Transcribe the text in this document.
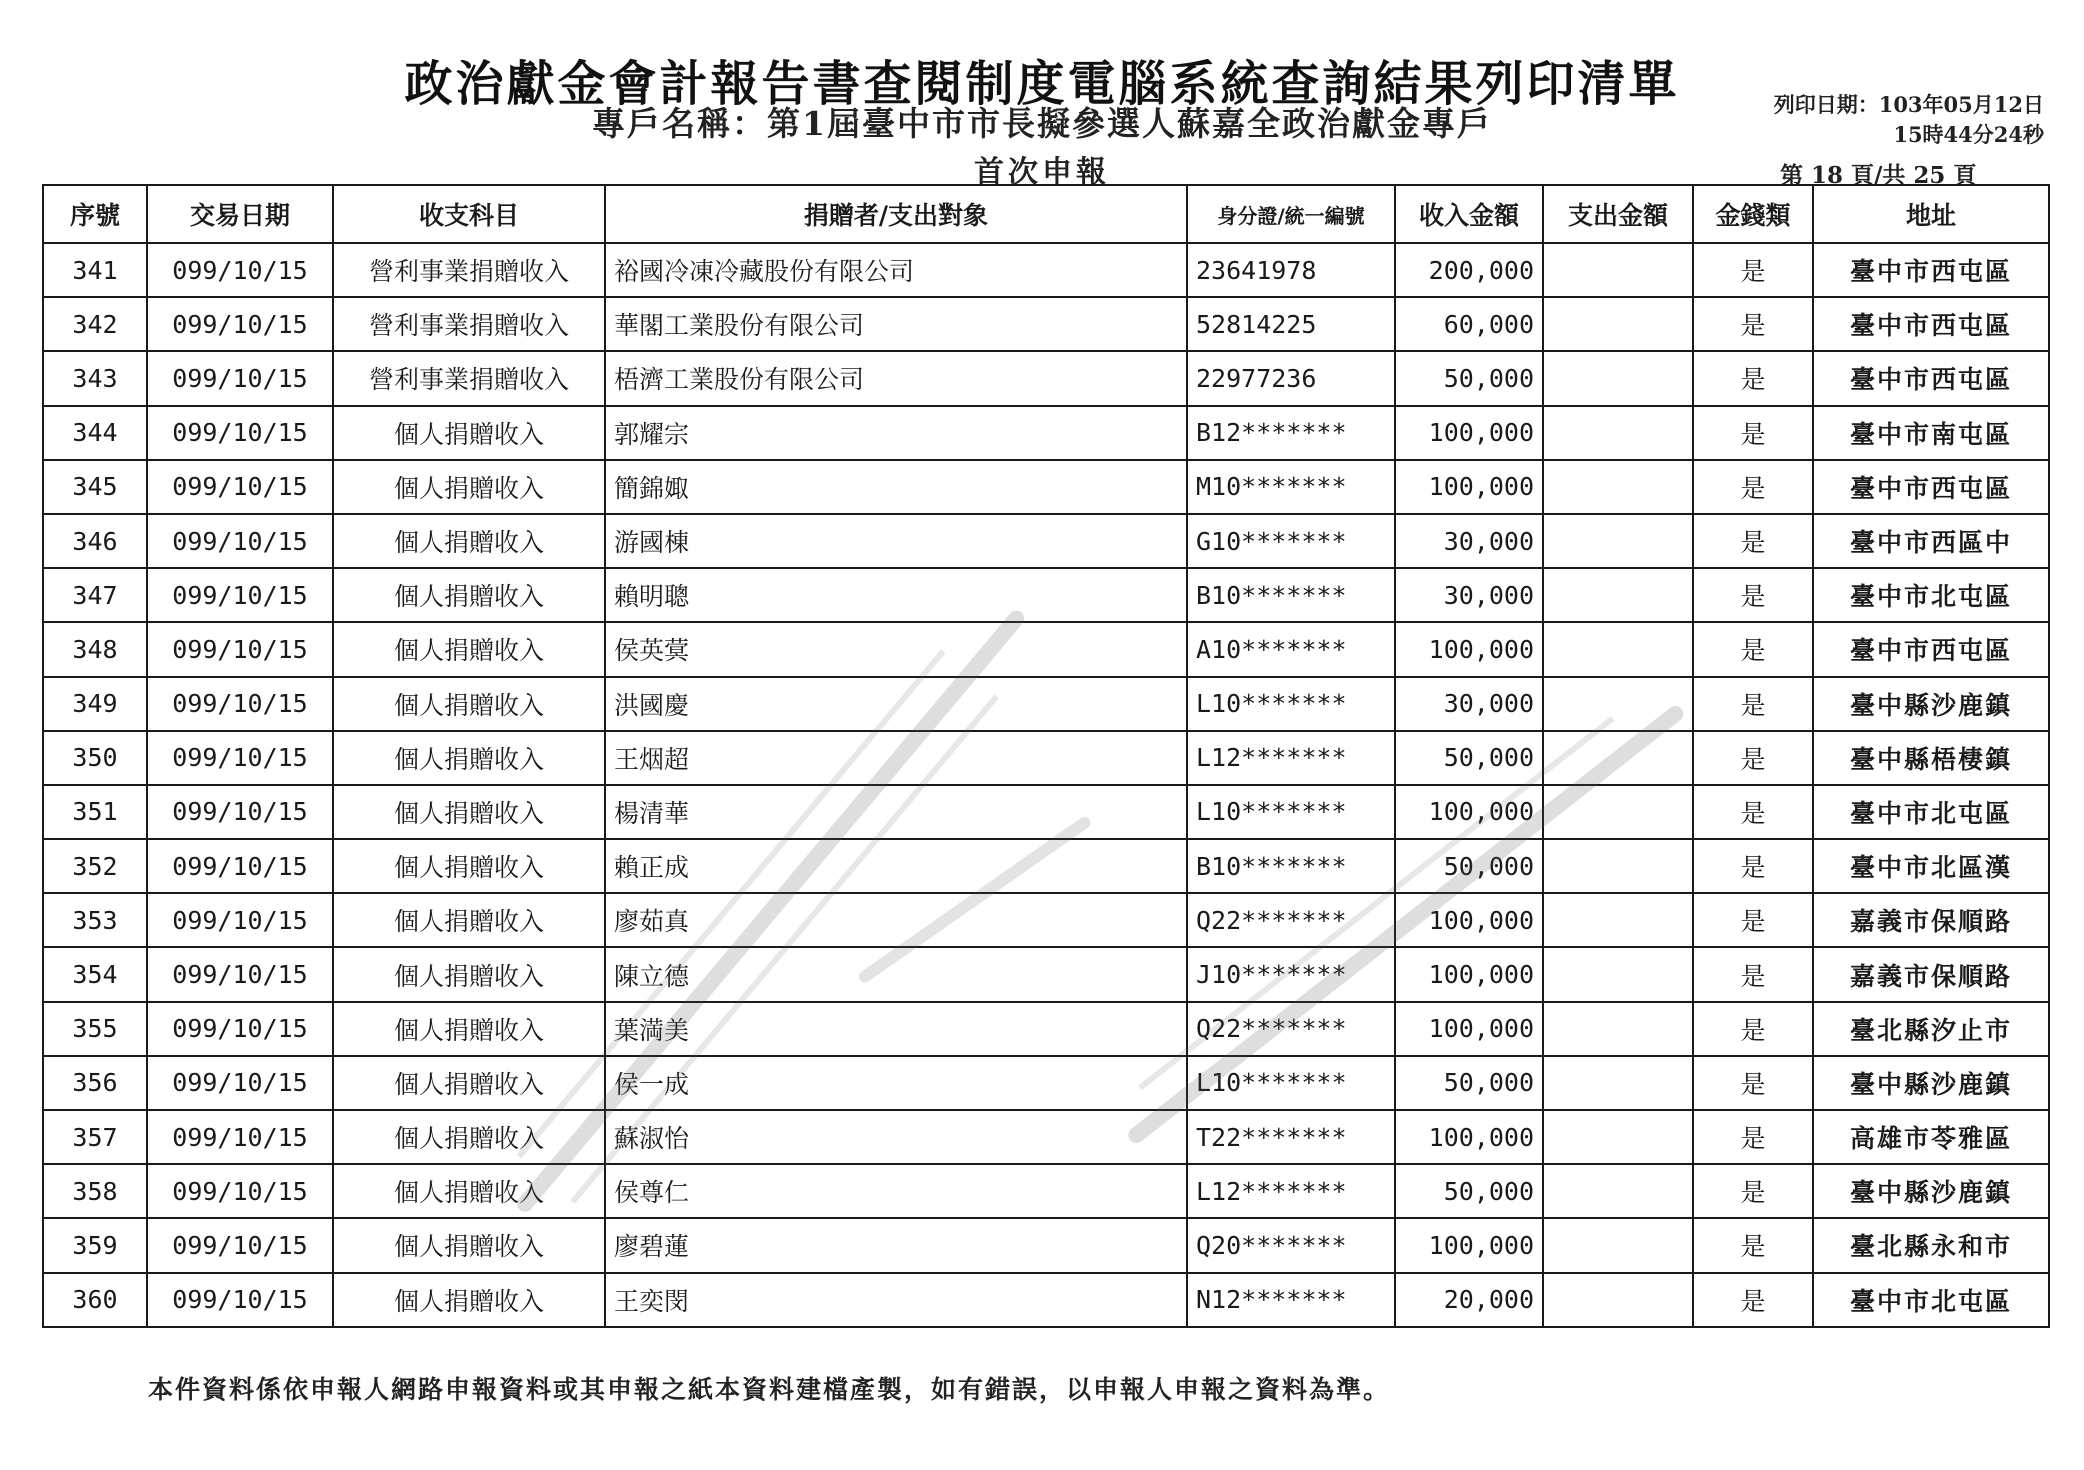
政治獻金會計報告書查閱制度電腦系統查詢結果列印清單
專戶名稱：第1屆臺中市市長擬參選人蘇嘉全政治獻金專戶
首次申報
列印日期：103年05月12日
15時44分24秒
第 18 頁/共 25 頁
序號	交易日期	收支科目	捐贈者/支出對象	身分證/統一編號	收入金額	支出金額	金錢類	地址
341	099/10/15	營利事業捐贈收入	裕國冷凍冷藏股份有限公司	23641978	200,000		是	臺中市西屯區
342	099/10/15	營利事業捐贈收入	華閣工業股份有限公司	52814225	60,000		是	臺中市西屯區
343	099/10/15	營利事業捐贈收入	梧濟工業股份有限公司	22977236	50,000		是	臺中市西屯區
344	099/10/15	個人捐贈收入	郭耀宗	B12*******	100,000		是	臺中市南屯區
345	099/10/15	個人捐贈收入	簡錦娵	M10*******	100,000		是	臺中市西屯區
346	099/10/15	個人捐贈收入	游國棟	G10*******	30,000		是	臺中市西區中
347	099/10/15	個人捐贈收入	賴明聰	B10*******	30,000		是	臺中市北屯區
348	099/10/15	個人捐贈收入	侯英蓂	A10*******	100,000		是	臺中市西屯區
349	099/10/15	個人捐贈收入	洪國慶	L10*******	30,000		是	臺中縣沙鹿鎮
350	099/10/15	個人捐贈收入	王烟超	L12*******	50,000		是	臺中縣梧棲鎮
351	099/10/15	個人捐贈收入	楊清華	L10*******	100,000		是	臺中市北屯區
352	099/10/15	個人捐贈收入	賴正成	B10*******	50,000		是	臺中市北區漢
353	099/10/15	個人捐贈收入	廖茹真	Q22*******	100,000		是	嘉義市保順路
354	099/10/15	個人捐贈收入	陳立德	J10*******	100,000		是	嘉義市保順路
355	099/10/15	個人捐贈收入	葉満美	Q22*******	100,000		是	臺北縣汐止市
356	099/10/15	個人捐贈收入	侯一成	L10*******	50,000		是	臺中縣沙鹿鎮
357	099/10/15	個人捐贈收入	蘇淑怡	T22*******	100,000		是	高雄市苓雅區
358	099/10/15	個人捐贈收入	侯尊仁	L12*******	50,000		是	臺中縣沙鹿鎮
359	099/10/15	個人捐贈收入	廖碧蓮	Q20*******	100,000		是	臺北縣永和市
360	099/10/15	個人捐贈收入	王奕閔	N12*******	20,000		是	臺中市北屯區
本件資料係依申報人網路申報資料或其申報之紙本資料建檔產製，如有錯誤，以申報人申報之資料為準。
